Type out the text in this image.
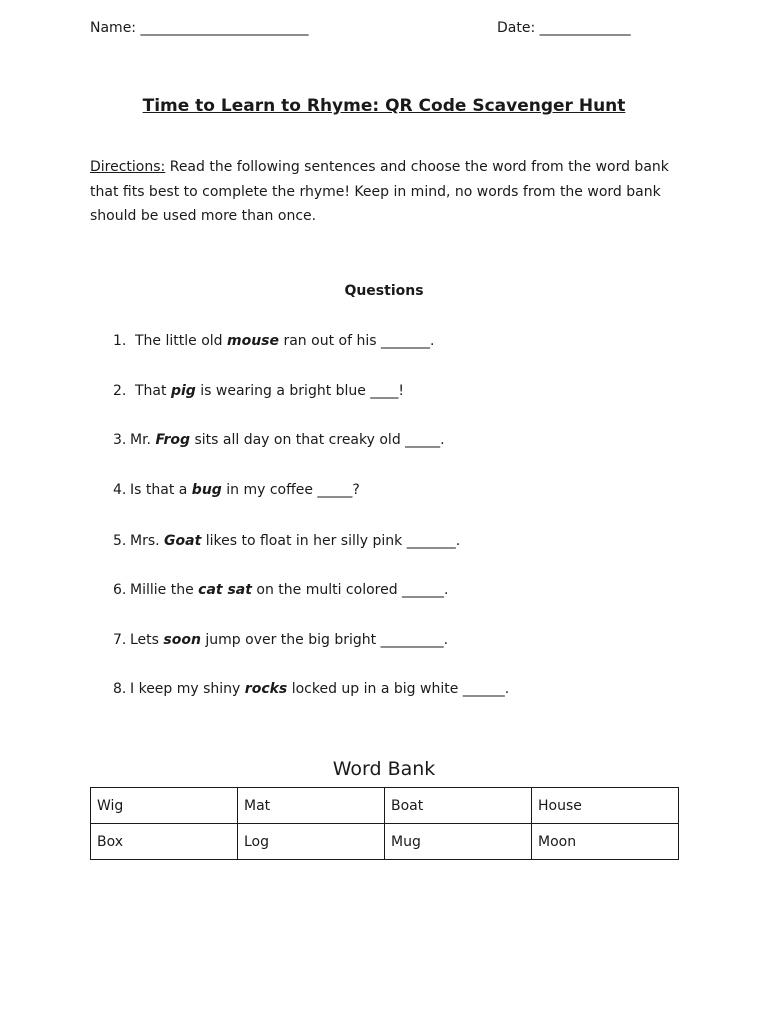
Name: ________________________	Date: _____________
Time to Learn to Rhyme: QR Code Scavenger Hunt
Directions: Read the following sentences and choose the word from the word bank
that fits best to complete the rhyme! Keep in mind, no words from the word bank
should be used more than once.
Questions
1. The little old mouse ran out of his _______.
2. That pig is wearing a bright blue ____!
3. Mr. Frog sits all day on that creaky old _____.
4. Is that a bug in my coffee _____?
5. Mrs. Goat likes to float in her silly pink _______.
6. Millie the cat sat on the multi colored ______.
7. Lets soon jump over the big bright _________.
8. I keep my shiny rocks locked up in a big white ______.
Word Bank
Wig	Mat	Boat	House
Box	Log	Mug	Moon
